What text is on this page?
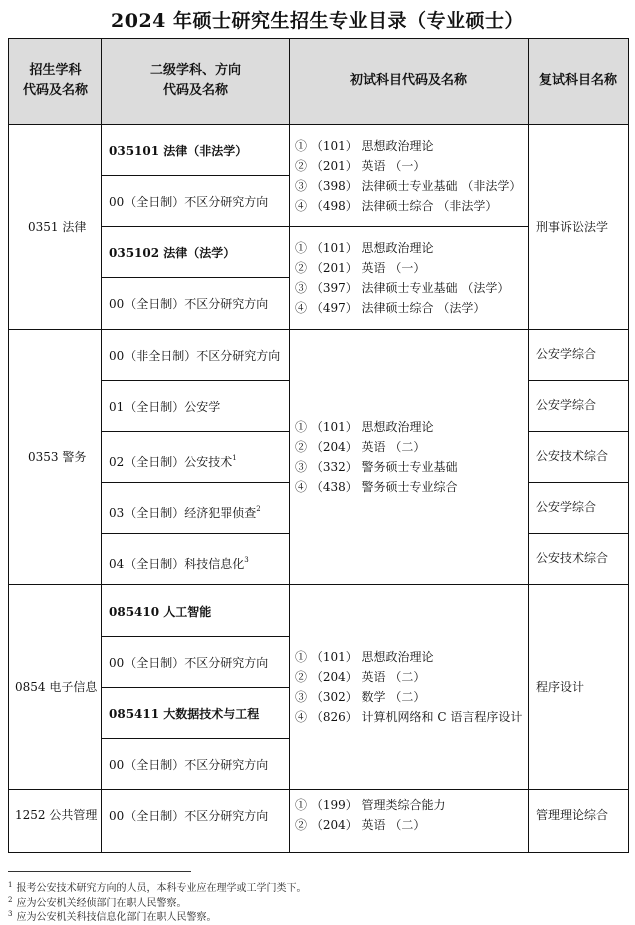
2024 年硕士研究生招生专业目录（专业硕士）
招生学科
代码及名称
二级学科、方向
代码及名称
初试科目代码及名称	复试科目名称
0351 法律
035101 法律（非法学）
00（全日制）不区分研究方向
035102 法律（法学）
00（全日制）不区分研究方向
① （101） 思想政治理论
② （201） 英语 （一）
③ （398） 法律硕士专业基础 （非法学）
④ （498） 法律硕士综合 （非法学）
① （101） 思想政治理论
② （201） 英语 （一）
③ （397） 法律硕士专业基础 （法学）
④ （497） 法律硕士综合 （法学）
刑事诉讼法学
0353 警务
00（非全日制）不区分研究方向
01（全日制）公安学
02（全日制）公安技术$^1$
03（全日制）经济犯罪侦查$^2$
04（全日制）科技信息化$^3$
① （101） 思想政治理论
② （204） 英语 （二）
③ （332） 警务硕士专业基础
④ （438） 警务硕士专业综合
公安学综合
公安学综合
公安技术综合
公安学综合
公安技术综合
0854 电子信息
085410 人工智能
00（全日制）不区分研究方向
085411 大数据技术与工程
00（全日制）不区分研究方向
① （101） 思想政治理论
② （204） 英语 （二）
③ （302） 数学 （二）
④ （826） 计算机网络和 C 语言程序设计
程序设计
1252 公共管理 00（全日制）不区分研究方向
① （199） 管理类综合能力
② （204） 英语 （二）
管理理论综合
$^1$ 报考公安技术研究方向的人员，本科专业应在理学或工学门类下。
$^2$ 应为公安机关经侦部门在职人民警察。
$^3$ 应为公安机关科技信息化部门在职人民警察。
